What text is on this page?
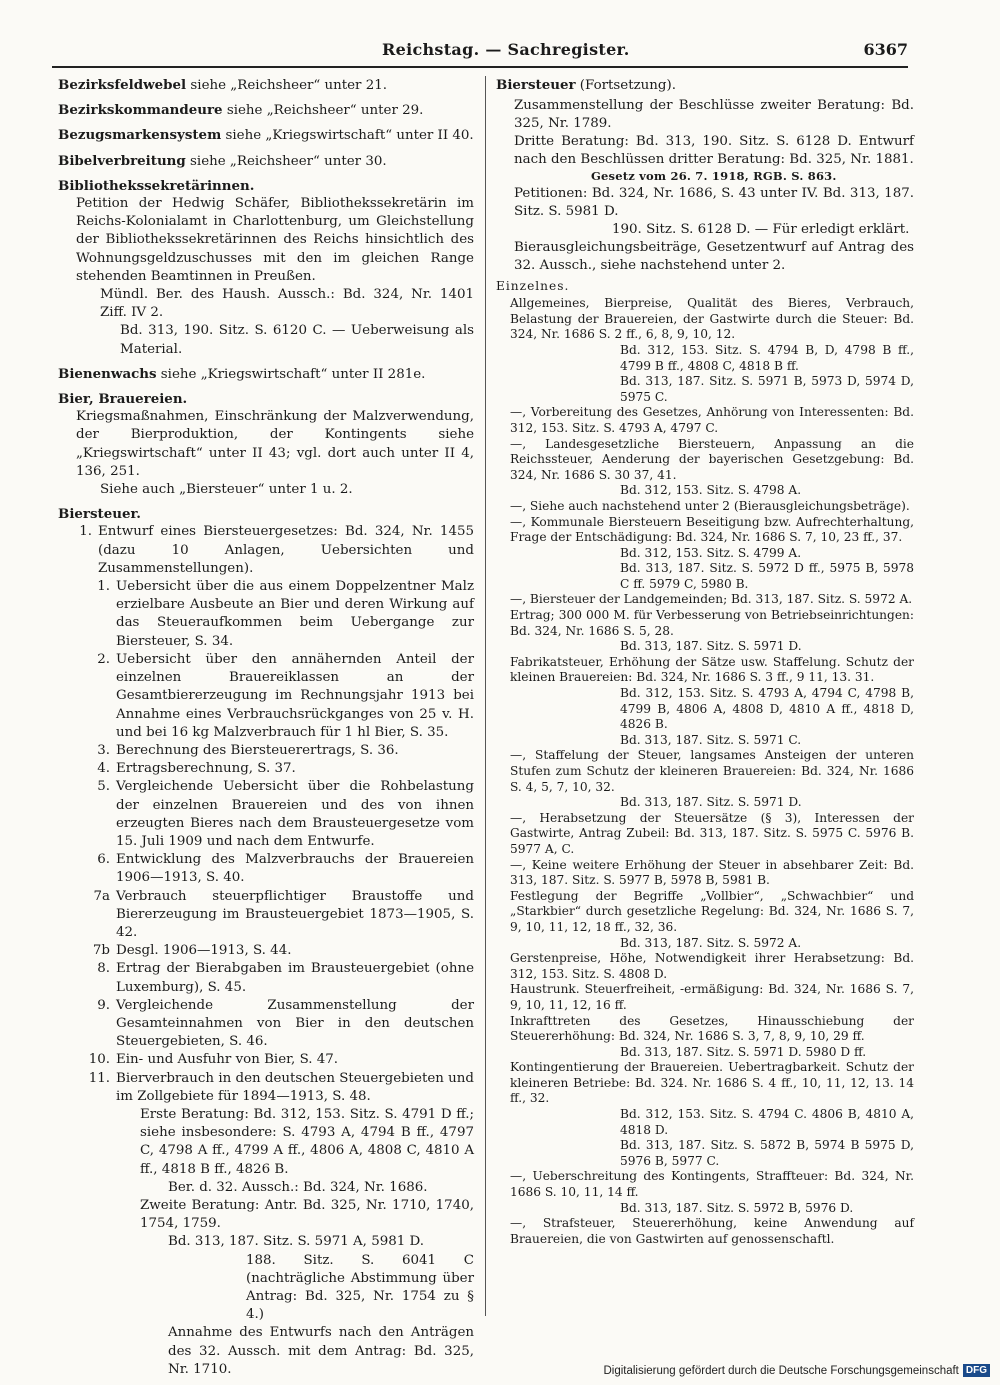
Reichstag. — Sachregister.	6367
Bezirksfeldwebel siehe „Reichsheer“ unter 21.
Bezirkskommandeure siehe „Reichsheer“ unter 29.
Bezugsmarkensystem siehe „Kriegswirtschaft“ unter II 40.
Bibelverbreitung siehe „Reichsheer“ unter 30.
Bibliothekssekretärinnen.
Petition der Hedwig Schäfer, Bibliothekssekretärin im Reichs-Kolonialamt in Charlottenburg, um Gleichstellung der Bibliothekssekretärinnen des Reichs hinsichtlich des Wohnungsgeldzuschusses mit den im gleichen Range stehenden Beamtinnen in Preußen.
Mündl. Ber. des Haush. Aussch.: Bd. 324, Nr. 1401 Ziff. IV 2.
Bd. 313, 190. Sitz. S. 6120 C. — Ueberweisung als Material.
Bienenwachs siehe „Kriegswirtschaft“ unter II 281e.
Bier, Brauereien.
Kriegsmaßnahmen, Einschränkung der Malzverwendung, der Bierproduktion, der Kontingents siehe „Kriegswirtschaft“ unter II 43; vgl. dort auch unter II 4, 136, 251.
Siehe auch „Biersteuer“ unter 1 u. 2.
Biersteuer.
1. Entwurf eines Biersteuergesetzes: Bd. 324, Nr. 1455 (dazu 10 Anlagen, Uebersichten und Zusammenstellungen).
1. Uebersicht über die aus einem Doppelzentner Malz erzielbare Ausbeute an Bier und deren Wirkung auf das Steueraufkommen beim Uebergange zur Biersteuer, S. 34.
2. Uebersicht über den annähernden Anteil der einzelnen Brauereiklassen an der Gesamtbiererzeugung im Rechnungsjahr 1913 bei Annahme eines Verbrauchsrückganges von 25 v. H. und bei 16 kg Malzverbrauch für 1 hl Bier, S. 35.
3. Berechnung des Biersteuerertrags, S. 36.
4. Ertragsberechnung, S. 37.
5. Vergleichende Uebersicht über die Rohbelastung der einzelnen Brauereien und des von ihnen erzeugten Bieres nach dem Brausteuergesetze vom 15. Juli 1909 und nach dem Entwurfe.
6. Entwicklung des Malzverbrauchs der Brauereien 1906—1913, S. 40.
7a Verbrauch steuerpflichtiger Braustoffe und Biererzeugung im Brausteuergebiet 1873—1905, S. 42.
7b Desgl. 1906—1913, S. 44.
8. Ertrag der Bierabgaben im Brausteuergebiet (ohne Luxemburg), S. 45.
9. Vergleichende Zusammenstellung der Gesamteinnahmen von Bier in den deutschen Steuergebieten, S. 46.
10. Ein- und Ausfuhr von Bier, S. 47.
11. Bierverbrauch in den deutschen Steuergebieten und im Zollgebiete für 1894—1913, S. 48.
Erste Beratung: Bd. 312, 153. Sitz. S. 4791 D ff.; siehe insbesondere: S. 4793 A, 4794 B ff., 4797 C, 4798 A ff., 4799 A ff., 4806 A, 4808 C, 4810 A ff., 4818 B ff., 4826 B.
Ber. d. 32. Aussch.: Bd. 324, Nr. 1686.
Zweite Beratung: Antr. Bd. 325, Nr. 1710, 1740, 1754, 1759.
Bd. 313, 187. Sitz. S. 5971 A, 5981 D.
188. Sitz. S. 6041 C (nachträgliche Abstimmung über Antrag: Bd. 325, Nr. 1754 zu § 4.)
Annahme des Entwurfs nach den Anträgen des 32. Aussch. mit dem Antrag: Bd. 325, Nr. 1710.
Biersteuer (Fortsetzung).
Zusammenstellung der Beschlüsse zweiter Beratung: Bd. 325, Nr. 1789.
Dritte Beratung: Bd. 313, 190. Sitz. S. 6128 D. Entwurf nach den Beschlüssen dritter Beratung: Bd. 325, Nr. 1881.
Gesetz vom 26. 7. 1918, RGB. S. 863.
Petitionen: Bd. 324, Nr. 1686, S. 43 unter IV. Bd. 313, 187. Sitz. S. 5981 D.
190. Sitz. S. 6128 D. — Für erledigt erklärt.
Bierausgleichungsbeiträge, Gesetzentwurf auf Antrag des 32. Aussch., siehe nachstehend unter 2.
Einzelnes.
Allgemeines, Bierpreise, Qualität des Bieres, Verbrauch, Belastung der Brauereien, der Gastwirte durch die Steuer: Bd. 324, Nr. 1686 S. 2 ff., 6, 8, 9, 10, 12.
Bd. 312, 153. Sitz. S. 4794 B, D, 4798 B ff., 4799 B ff., 4808 C, 4818 B ff.
Bd. 313, 187. Sitz. S. 5971 B, 5973 D, 5974 D, 5975 C.
—, Vorbereitung des Gesetzes, Anhörung von Interessenten: Bd. 312, 153. Sitz. S. 4793 A, 4797 C.
—, Landesgesetzliche Biersteuern, Anpassung an die Reichssteuer, Aenderung der bayerischen Gesetzgebung: Bd. 324, Nr. 1686 S. 30 37, 41.
Bd. 312, 153. Sitz. S. 4798 A.
—, Siehe auch nachstehend unter 2 (Bierausgleichungsbeträge).
—, Kommunale Biersteuern Beseitigung bzw. Aufrechterhaltung, Frage der Entschädigung: Bd. 324, Nr. 1686 S. 7, 10, 23 ff., 37.
Bd. 312, 153. Sitz. S. 4799 A.
Bd. 313, 187. Sitz. S. 5972 D ff., 5975 B, 5978 C ff. 5979 C, 5980 B.
—, Biersteuer der Landgemeinden; Bd. 313, 187. Sitz. S. 5972 A.
Ertrag; 300 000 M. für Verbesserung von Betriebseinrichtungen: Bd. 324, Nr. 1686 S. 5, 28.
Bd. 313, 187. Sitz. S. 5971 D.
Fabrikatsteuer, Erhöhung der Sätze usw. Staffelung. Schutz der kleinen Brauereien: Bd. 324, Nr. 1686 S. 3 ff., 9 11, 13. 31.
Bd. 312, 153. Sitz. S. 4793 A, 4794 C, 4798 B, 4799 B, 4806 A, 4808 D, 4810 A ff., 4818 D, 4826 B.
Bd. 313, 187. Sitz. S. 5971 C.
—, Staffelung der Steuer, langsames Ansteigen der unteren Stufen zum Schutz der kleineren Brauereien: Bd. 324, Nr. 1686 S. 4, 5, 7, 10, 32.
Bd. 313, 187. Sitz. S. 5971 D.
—, Herabsetzung der Steuersätze (§ 3), Interessen der Gastwirte, Antrag Zubeil: Bd. 313, 187. Sitz. S. 5975 C. 5976 B. 5977 A, C.
—, Keine weitere Erhöhung der Steuer in absehbarer Zeit: Bd. 313, 187. Sitz. S. 5977 B, 5978 B, 5981 B.
Festlegung der Begriffe „Vollbier“, „Schwachbier“ und „Starkbier“ durch gesetzliche Regelung: Bd. 324, Nr. 1686 S. 7, 9, 10, 11, 12, 18 ff., 32, 36.
Bd. 313, 187. Sitz. S. 5972 A.
Gerstenpreise, Höhe, Notwendigkeit ihrer Herabsetzung: Bd. 312, 153. Sitz. S. 4808 D.
Haustrunk. Steuerfreiheit, -ermäßigung: Bd. 324, Nr. 1686 S. 7, 9, 10, 11, 12, 16 ff.
Inkrafttreten des Gesetzes, Hinausschiebung der Steuererhöhung: Bd. 324, Nr. 1686 S. 3, 7, 8, 9, 10, 29 ff.
Bd. 313, 187. Sitz. S. 5971 D. 5980 D ff.
Kontingentierung der Brauereien. Uebertragbarkeit. Schutz der kleineren Betriebe: Bd. 324. Nr. 1686 S. 4 ff., 10, 11, 12, 13. 14 ff., 32.
Bd. 312, 153. Sitz. S. 4794 C. 4806 B, 4810 A, 4818 D.
Bd. 313, 187. Sitz. S. 5872 B, 5974 B 5975 D, 5976 B, 5977 C.
—, Ueberschreitung des Kontingents, Straffteuer: Bd. 324, Nr. 1686 S. 10, 11, 14 ff.
Bd. 313, 187. Sitz. S. 5972 B, 5976 D.
—, Strafsteuer, Steuererhöhung, keine Anwendung auf Brauereien, die von Gastwirten auf genossenschaftl.
Digitalisierung gefördert durch die Deutsche Forschungsgemeinschaft DFG
